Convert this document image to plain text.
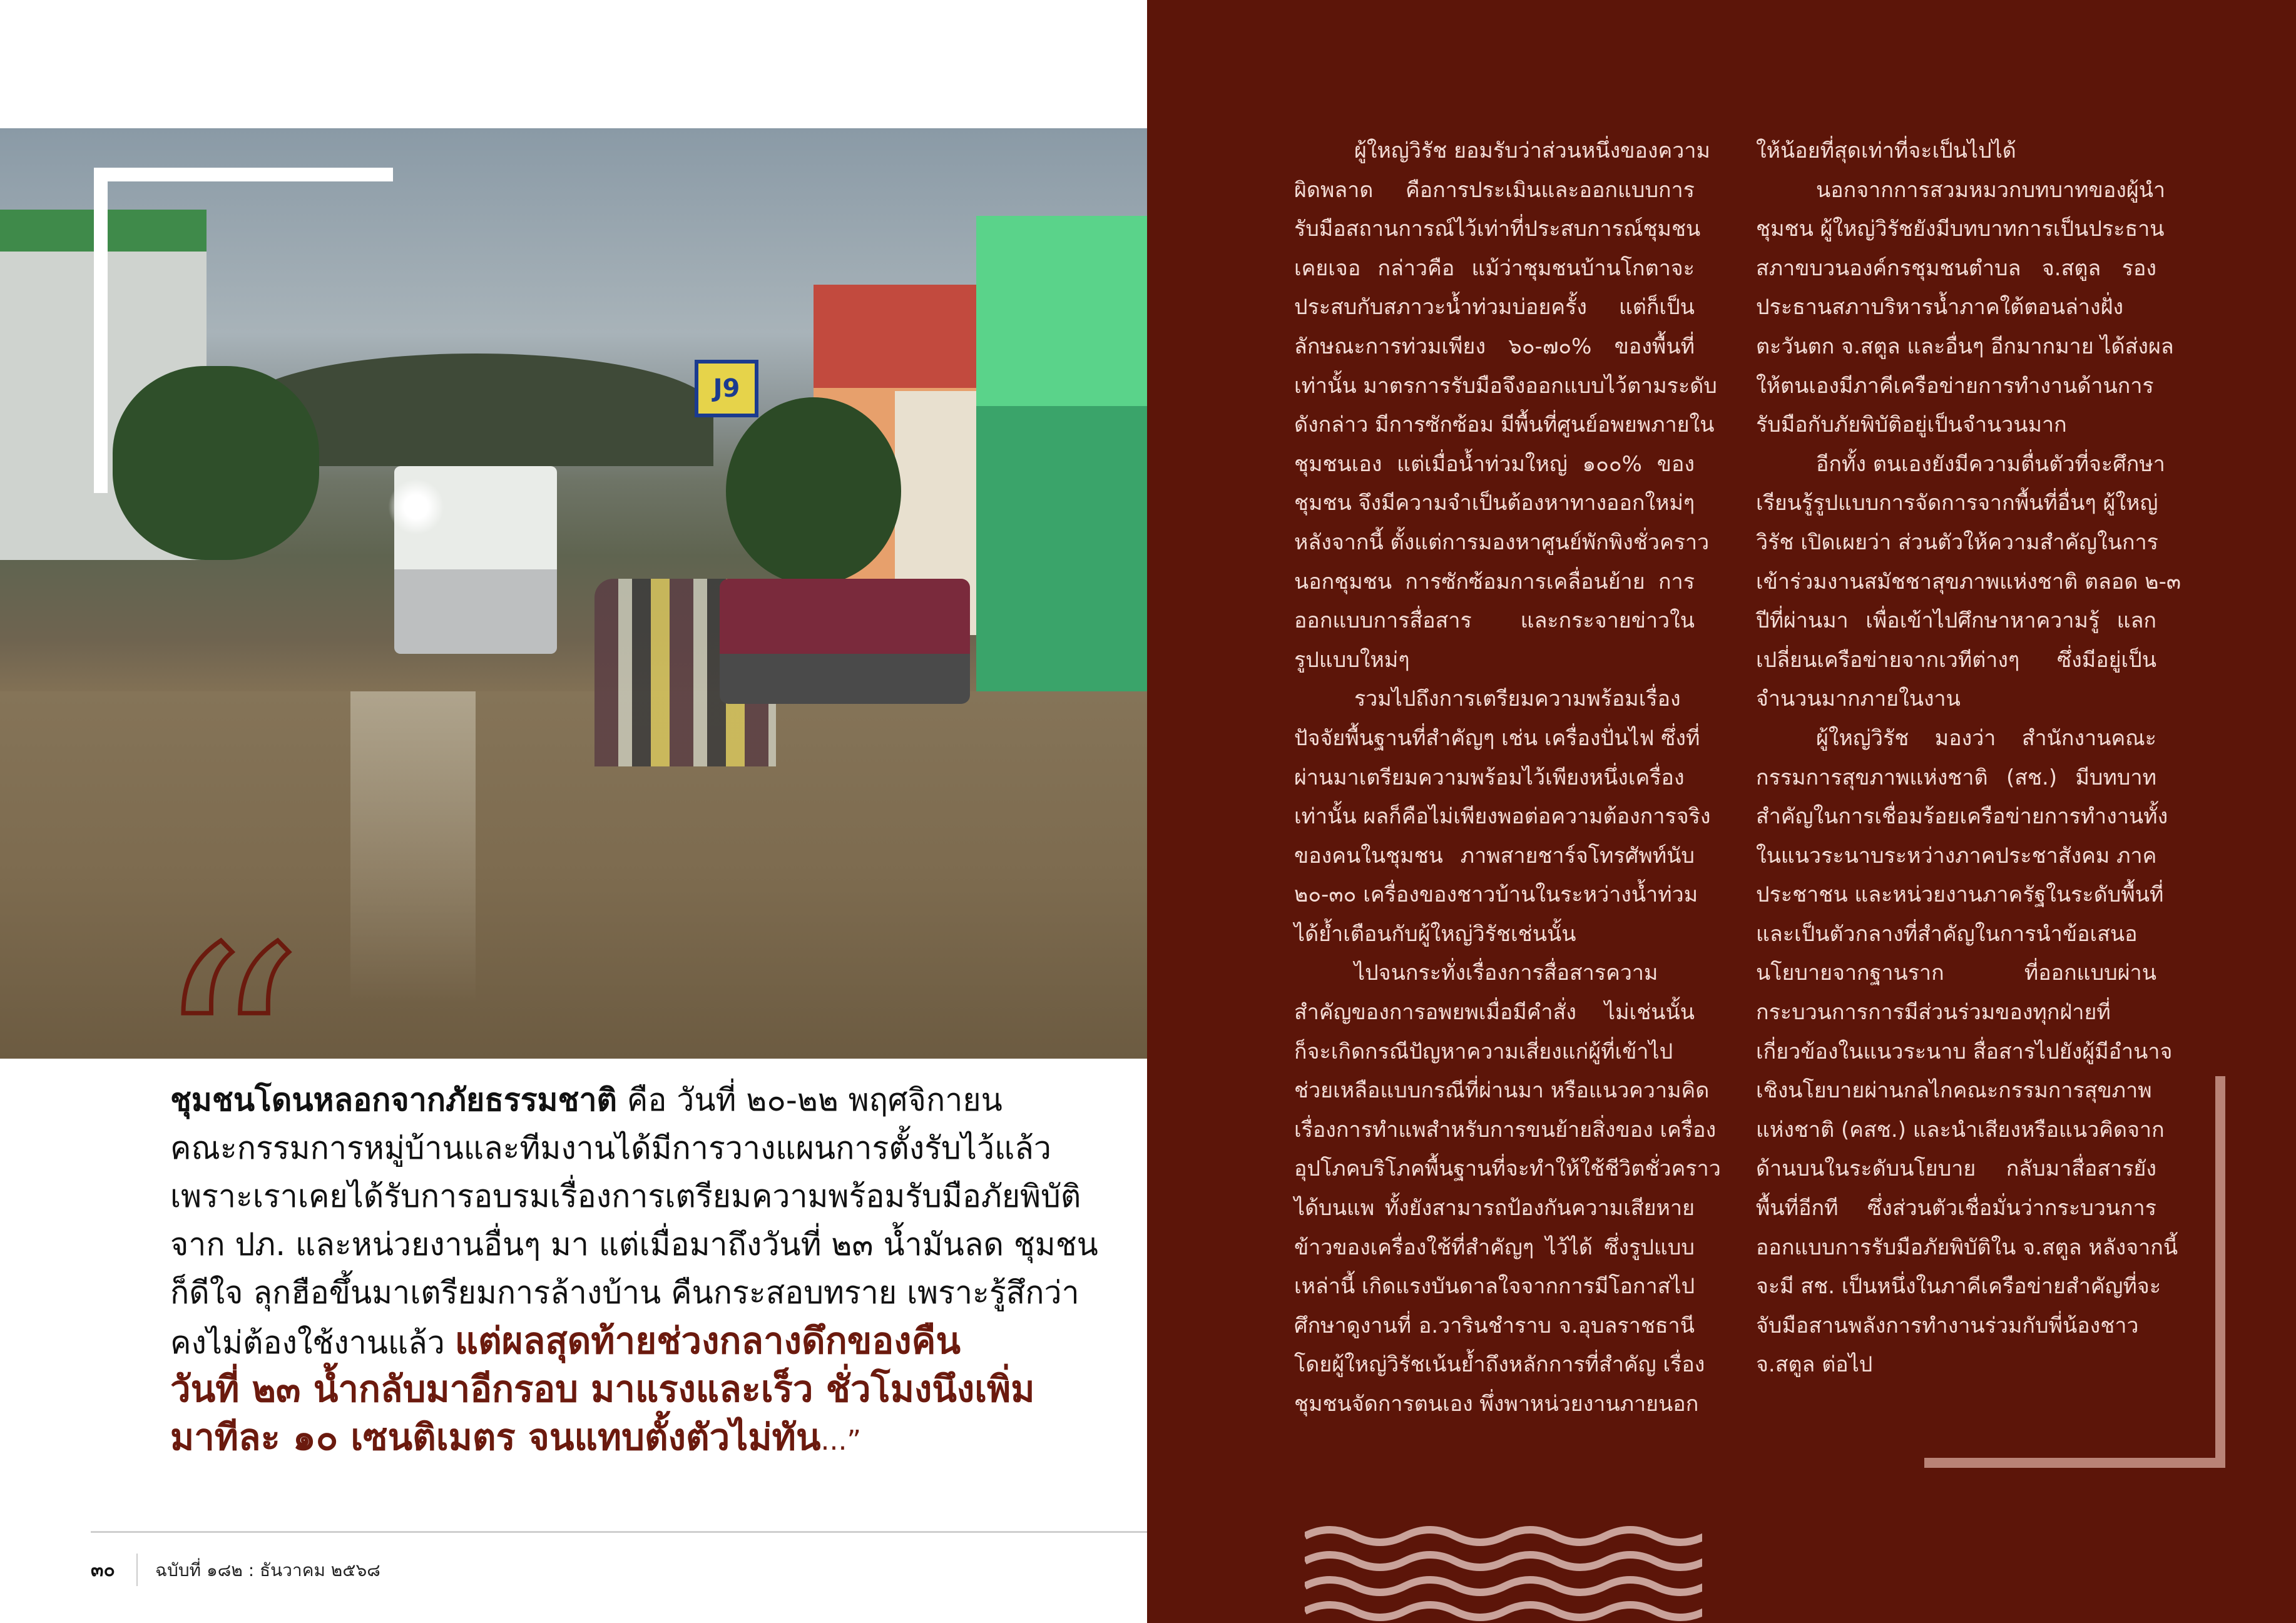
J9
“
ชุมชนโดนหลอกจากภัยธรรมชาติ คือ วันที่ ๒๐-๒๒ พฤศจิกายน
คณะกรรมการหมู่บ้านและทีมงานได้มีการวางแผนการตั้งรับไว้แล้ว
เพราะเราเคยได้รับการอบรมเรื่องการเตรียมความพร้อมรับมือภัยพิบัติ
จาก ปภ. และหน่วยงานอื่นๆ มา แต่เมื่อมาถึงวันที่ ๒๓ น้ำมันลด ชุมชน
ก็ดีใจ ลุกฮือขึ้นมาเตรียมการล้างบ้าน คืนกระสอบทราย เพราะรู้สึกว่า
คงไม่ต้องใช้งานแล้ว แต่ผลสุดท้ายช่วงกลางดึกของคืน
วันที่ ๒๓ น้ำกลับมาอีกรอบ มาแรงและเร็ว ชั่วโมงนึงเพิ่ม
มาทีละ ๑๐ เซนติเมตร จนแทบตั้งตัวไม่ทัน...”
๓๐ ฉบับที่ ๑๘๒ : ธันวาคม ๒๕๖๘
ผู้ใหญ่วิรัช ยอมรับว่าส่วนหนึ่งของความ
ผิดพลาด คือการประเมินและออกแบบการ
รับมือสถานการณ์ไว้เท่าที่ประสบการณ์ชุมชน
เคยเจอ กล่าวคือ แม้ว่าชุมชนบ้านโกตาจะ
ประสบกับสภาวะน้ำท่วมบ่อยครั้ง แต่ก็เป็น
ลักษณะการท่วมเพียง ๖๐-๗๐% ของพื้นที่
เท่านั้น มาตรการรับมือจึงออกแบบไว้ตามระดับ
ดังกล่าว มีการซักซ้อม มีพื้นที่ศูนย์อพยพภายใน
ชุมชนเอง แต่เมื่อน้ำท่วมใหญ่ ๑๐๐% ของ
ชุมชน จึงมีความจำเป็นต้องหาทางออกใหม่ๆ
หลังจากนี้ ตั้งแต่การมองหาศูนย์พักพิงชั่วคราว
นอกชุมชน การซักซ้อมการเคลื่อนย้าย การ
ออกแบบการสื่อสาร และกระจายข่าวใน
รูปแบบใหม่ๆ
รวมไปถึงการเตรียมความพร้อมเรื่อง
ปัจจัยพื้นฐานที่สำคัญๆ เช่น เครื่องปั่นไฟ ซึ่งที่
ผ่านมาเตรียมความพร้อมไว้เพียงหนึ่งเครื่อง
เท่านั้น ผลก็คือไม่เพียงพอต่อความต้องการจริง
ของคนในชุมชน ภาพสายชาร์จโทรศัพท์นับ
๒๐-๓๐ เครื่องของชาวบ้านในระหว่างน้ำท่วม
ได้ย้ำเตือนกับผู้ใหญ่วิรัชเช่นนั้น
ไปจนกระทั่งเรื่องการสื่อสารความ
สำคัญของการอพยพเมื่อมีคำสั่ง ไม่เช่นนั้น
ก็จะเกิดกรณีปัญหาความเสี่ยงแก่ผู้ที่เข้าไป
ช่วยเหลือแบบกรณีที่ผ่านมา หรือแนวความคิด
เรื่องการทำแพสำหรับการขนย้ายสิ่งของ เครื่อง
อุปโภคบริโภคพื้นฐานที่จะทำให้ใช้ชีวิตชั่วคราว
ได้บนแพ ทั้งยังสามารถป้องกันความเสียหาย
ข้าวของเครื่องใช้ที่สำคัญๆ ไว้ได้ ซึ่งรูปแบบ
เหล่านี้ เกิดแรงบันดาลใจจากการมีโอกาสไป
ศึกษาดูงานที่ อ.วารินชำราบ จ.อุบลราชธานี
โดยผู้ใหญ่วิรัชเน้นย้ำถึงหลักการที่สำคัญ เรื่อง
ชุมชนจัดการตนเอง พึ่งพาหน่วยงานภายนอก
ให้น้อยที่สุดเท่าที่จะเป็นไปได้
นอกจากการสวมหมวกบทบาทของผู้นำ
ชุมชน ผู้ใหญ่วิรัชยังมีบทบาทการเป็นประธาน
สภาขบวนองค์กรชุมชนตำบล จ.สตูล รอง
ประธานสภาบริหารน้ำภาคใต้ตอนล่างฝั่ง
ตะวันตก จ.สตูล และอื่นๆ อีกมากมาย ได้ส่งผล
ให้ตนเองมีภาคีเครือข่ายการทำงานด้านการ
รับมือกับภัยพิบัติอยู่เป็นจำนวนมาก
อีกทั้ง ตนเองยังมีความตื่นตัวที่จะศึกษา
เรียนรู้รูปแบบการจัดการจากพื้นที่อื่นๆ ผู้ใหญ่
วิรัช เปิดเผยว่า ส่วนตัวให้ความสำคัญในการ
เข้าร่วมงานสมัชชาสุขภาพแห่งชาติ ตลอด ๒-๓
ปีที่ผ่านมา เพื่อเข้าไปศึกษาหาความรู้ แลก
เปลี่ยนเครือข่ายจากเวทีต่างๆ ซึ่งมีอยู่เป็น
จำนวนมากภายในงาน
ผู้ใหญ่วิรัช มองว่า สำนักงานคณะ
กรรมการสุขภาพแห่งชาติ (สช.) มีบทบาท
สำคัญในการเชื่อมร้อยเครือข่ายการทำงานทั้ง
ในแนวระนาบระหว่างภาคประชาสังคม ภาค
ประชาชน และหน่วยงานภาครัฐในระดับพื้นที่
และเป็นตัวกลางที่สำคัญในการนำข้อเสนอ
นโยบายจากฐานราก ที่ออกแบบผ่าน
กระบวนการการมีส่วนร่วมของทุกฝ่ายที่
เกี่ยวข้องในแนวระนาบ สื่อสารไปยังผู้มีอำนาจ
เชิงนโยบายผ่านกลไกคณะกรรมการสุขภาพ
แห่งชาติ (คสช.) และนำเสียงหรือแนวคิดจาก
ด้านบนในระดับนโยบาย กลับมาสื่อสารยัง
พื้นที่อีกที ซึ่งส่วนตัวเชื่อมั่นว่ากระบวนการ
ออกแบบการรับมือภัยพิบัติใน จ.สตูล หลังจากนี้
จะมี สช. เป็นหนึ่งในภาคีเครือข่ายสำคัญที่จะ
จับมือสานพลังการทำงานร่วมกับพี่น้องชาว
จ.สตูล ต่อไป
